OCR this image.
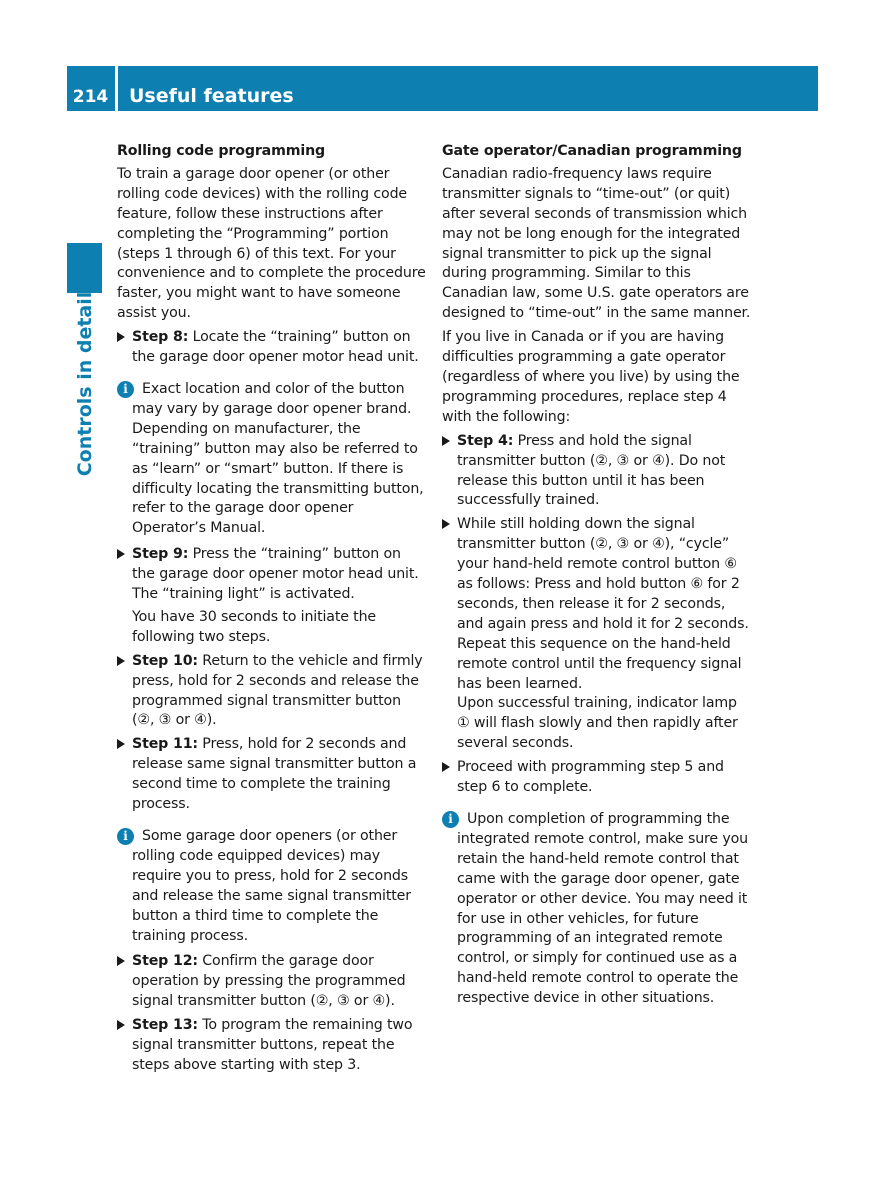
214	Useful features
Controls in detail

Rolling code programming

To train a garage door opener (or other rolling code devices) with the rolling code feature, follow these instructions after completing the “Programming” portion (steps 1 through 6) of this text. For your convenience and to complete the procedure faster, you might want to have someone assist you.

Step 8: Locate the “training” button on the garage door opener motor head unit.

i	Exact location and color of the button may vary by garage door opener brand. Depending on manufacturer, the “training” button may also be referred to as “learn” or “smart” button. If there is difficulty locating the transmitting button, refer to the garage door opener Operator’s Manual.

Step 9: Press the “training” button on the garage door opener motor head unit.
The “training light” is activated.

You have 30 seconds to initiate the following two steps.

Step 10: Return to the vehicle and firmly press, hold for 2 seconds and release the programmed signal transmitter button (②, ③ or ④).

Step 11: Press, hold for 2 seconds and release same signal transmitter button a second time to complete the training process.

i	Some garage door openers (or other rolling code equipped devices) may require you to press, hold for 2 seconds and release the same signal transmitter button a third time to complete the training process.

Step 12: Confirm the garage door operation by pressing the programmed signal transmitter button (②, ③ or ④).

Step 13: To program the remaining two signal transmitter buttons, repeat the steps above starting with step 3.

Gate operator/Canadian programming

Canadian radio-frequency laws require transmitter signals to “time-out” (or quit) after several seconds of transmission which may not be long enough for the integrated signal transmitter to pick up the signal during programming. Similar to this Canadian law, some U.S. gate operators are designed to “time-out” in the same manner.

If you live in Canada or if you are having difficulties programming a gate operator (regardless of where you live) by using the programming procedures, replace step 4 with the following:

Step 4: Press and hold the signal transmitter button (②, ③ or ④). Do not release this button until it has been successfully trained.

While still holding down the signal transmitter button (②, ③ or ④), “cycle” your hand-held remote control button ⑥ as follows: Press and hold button ⑥ for 2 seconds, then release it for 2 seconds, and again press and hold it for 2 seconds. Repeat this sequence on the hand-held remote control until the frequency signal has been learned.
Upon successful training, indicator lamp ① will flash slowly and then rapidly after several seconds.

Proceed with programming step 5 and step 6 to complete.

i	Upon completion of programming the integrated remote control, make sure you retain the hand-held remote control that came with the garage door opener, gate operator or other device. You may need it for use in other vehicles, for future programming of an integrated remote control, or simply for continued use as a hand-held remote control to operate the respective device in other situations.
